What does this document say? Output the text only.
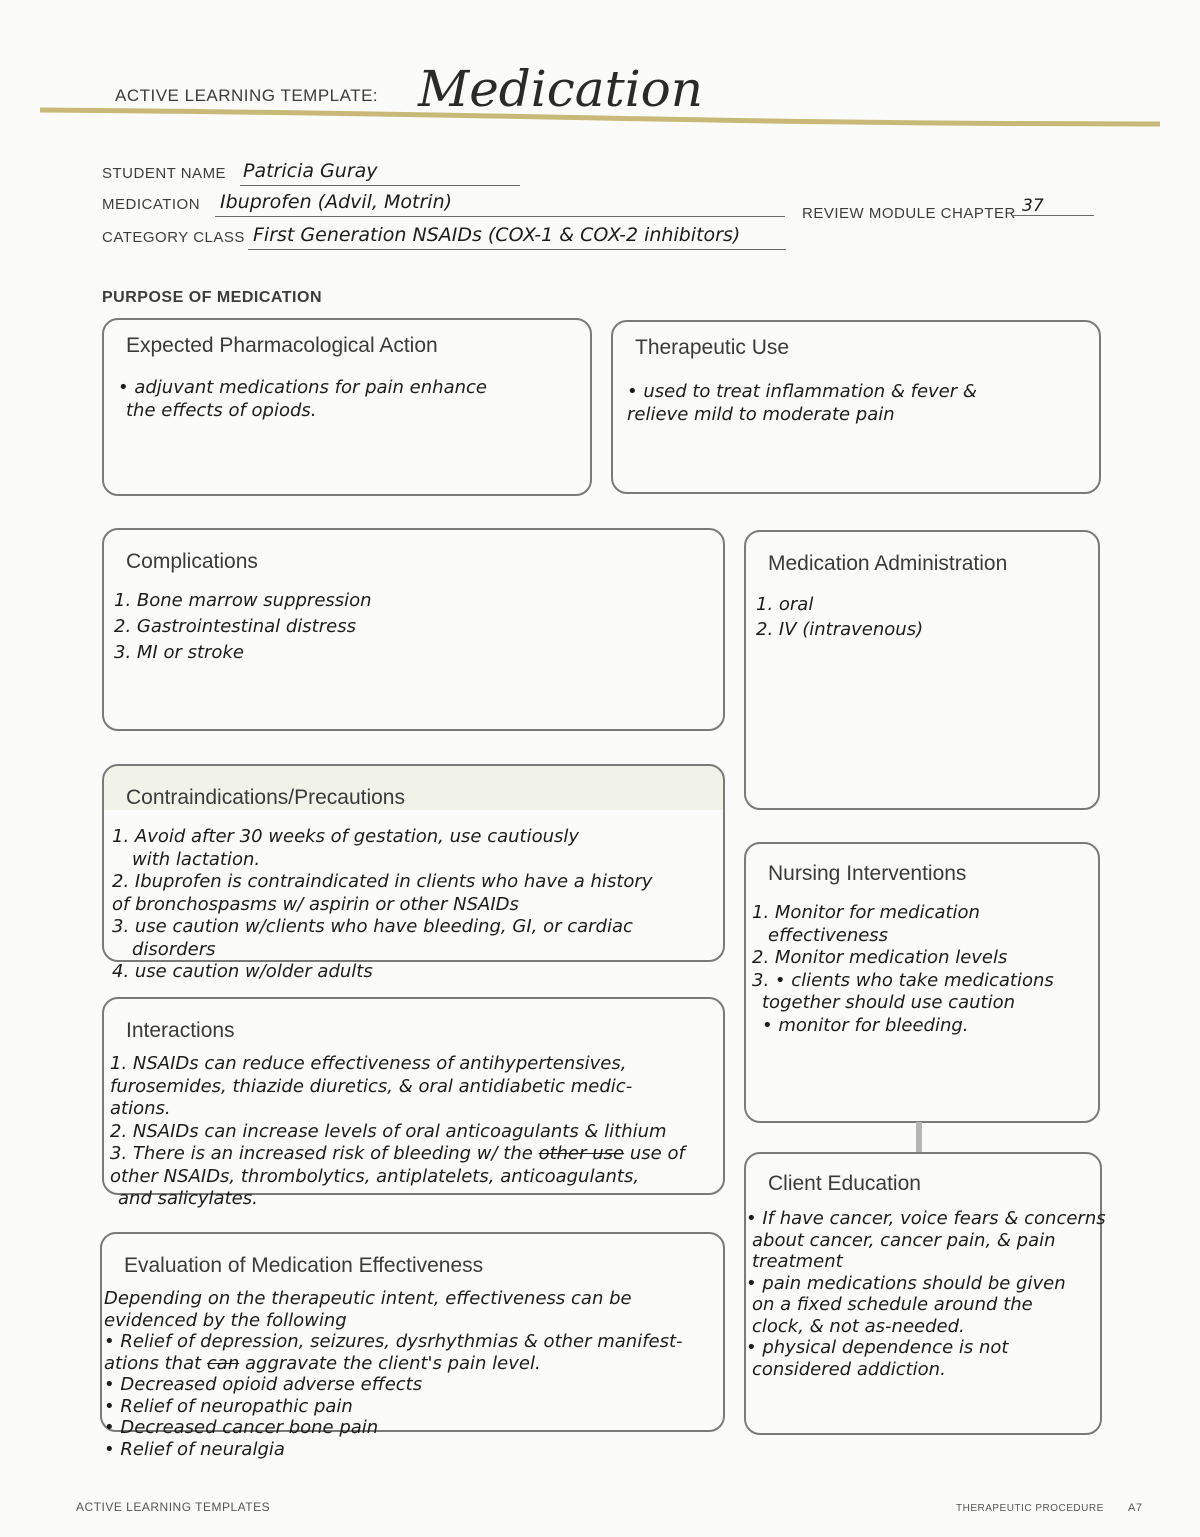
ACTIVE LEARNING TEMPLATE: Medication
STUDENT NAME Patricia Guray
MEDICATION Ibuprofen (Advil, Motrin)
REVIEW MODULE CHAPTER 37
CATEGORY CLASS First Generation NSAIDs (COX-1 & COX-2 inhibitors)
PURPOSE OF MEDICATION
Expected Pharmacological Action
• adjuvant medications for pain enhance
the effects of opiods.
Therapeutic Use
• used to treat inflammation & fever &
relieve mild to moderate pain
Complications
1. Bone marrow suppression
2. Gastrointestinal distress
3. MI or stroke
Medication Administration
1. oral
2. IV (intravenous)
Contraindications/Precautions
1. Avoid after 30 weeks of gestation, use cautiously
with lactation.
2. Ibuprofen is contraindicated in clients who have a history
of bronchospasms w/ aspirin or other NSAIDs
3. use caution w/clients who have bleeding, GI, or cardiac
disorders
4. use caution w/older adults
Nursing Interventions
1. Monitor for medication
effectiveness
2. Monitor medication levels
3. • clients who take medications
together should use caution
• monitor for bleeding.
Interactions
1. NSAIDs can reduce effectiveness of antihypertensives,
furosemides, thiazide diuretics, & oral antidiabetic medic-
ations.
2. NSAIDs can increase levels of oral anticoagulants & lithium
3. There is an increased risk of bleeding w/ the other use use of
other NSAIDs, thrombolytics, antiplatelets, anticoagulants,
and salicylates.
Client Education
• If have cancer, voice fears & concerns
about cancer, cancer pain, & pain
treatment
• pain medications should be given
on a fixed schedule around the
clock, & not as-needed.
• physical dependence is not
considered addiction.
Evaluation of Medication Effectiveness
Depending on the therapeutic intent, effectiveness can be
evidenced by the following
• Relief of depression, seizures, dysrhythmias & other manifest-
ations that can aggravate the client's pain level.
• Decreased opioid adverse effects
• Relief of neuropathic pain
• Decreased cancer bone pain
• Relief of neuralgia
ACTIVE LEARNING TEMPLATES	THERAPEUTIC PROCEDURE A7
